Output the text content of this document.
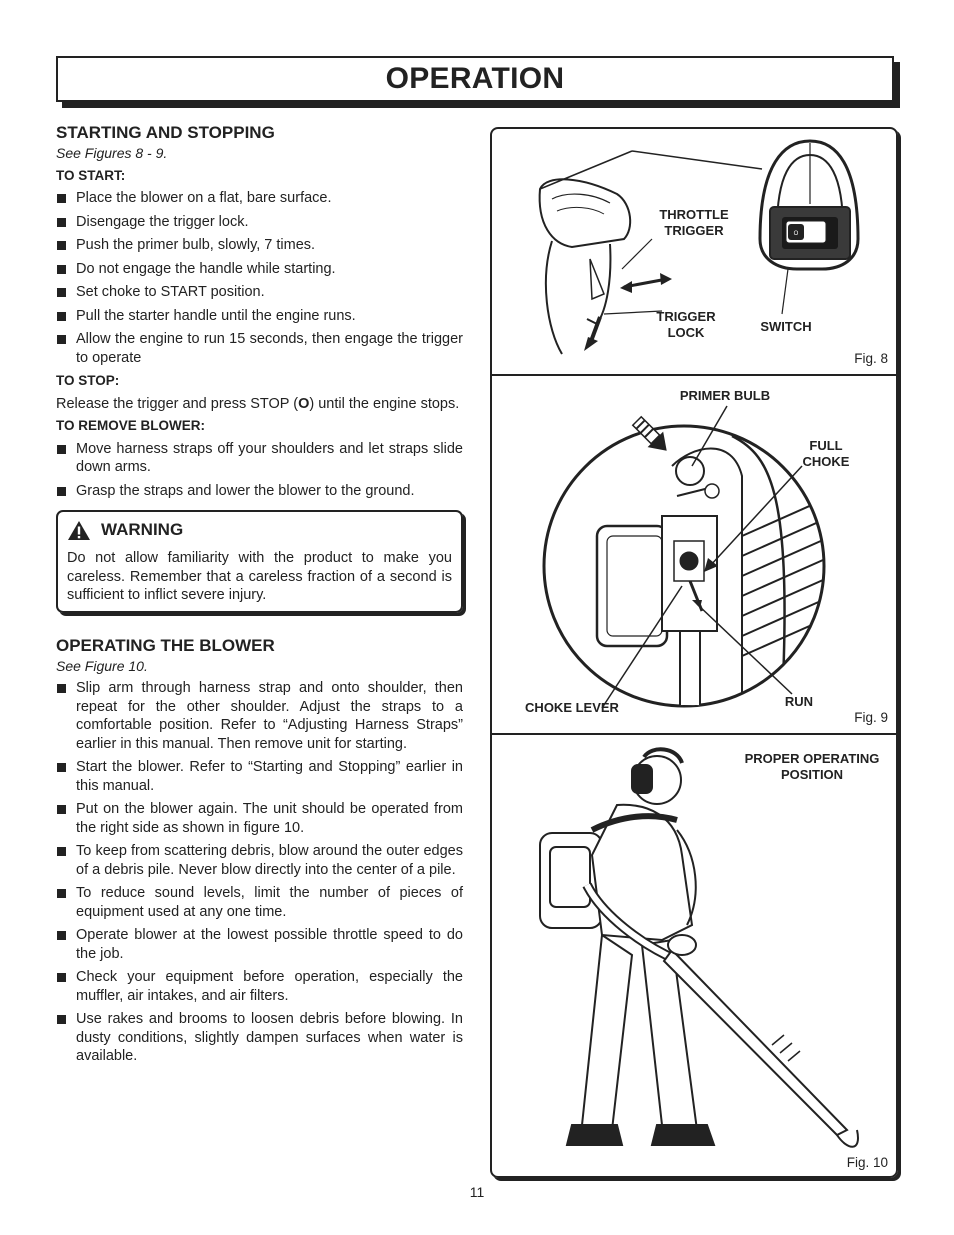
OPERATION
STARTING AND STOPPING
See Figures 8 - 9.
TO START:
Place the blower on a flat, bare surface.
Disengage the trigger lock.
Push the primer bulb, slowly, 7 times.
Do not engage the handle while starting.
Set choke to START position.
Pull the starter handle until the engine runs.
Allow the engine to run 15 seconds, then engage the trigger to operate
TO STOP:

Release the trigger and press STOP (O) until the engine stops.

TO REMOVE BLOWER:
Move harness straps off your shoulders and let straps slide down arms.
Grasp the straps and lower the blower to the ground.
WARNING

Do not allow familiarity with the product to make you careless. Remember that a careless fraction of a second is sufficient to inflict severe injury.

OPERATING THE BLOWER
See Figure 10.
Slip arm through harness strap and onto shoulder, then repeat for the other shoulder. Adjust the straps to a comfortable position. Refer to “Adjusting Harness Straps” earlier in this manual. Then remove unit for starting.
Start the blower. Refer to “Starting and Stopping” earlier in this manual.
Put on the blower again. The unit should be operated from the right side as shown in figure 10.
To keep from scattering debris, blow around the outer edges of a debris pile. Never blow directly into the center of a pile.
To reduce sound levels, limit the number of pieces of equipment used at any one time.
Operate blower at the lowest possible throttle speed to do the job.
Check your equipment before operation, especially the muffler, air intakes, and air filters.
Use rakes and brooms to loosen debris before blowing. In dusty conditions, slightly dampen surfaces when water is available.
O
THROTTLE
TRIGGER
TRIGGER
LOCK	SWITCH
Fig. 8
PRIMER BULB
FULL
CHOKE
CHOKE LEVER	RUN
Fig. 9
PROPER OPERATING
POSITION
Fig. 10
11
